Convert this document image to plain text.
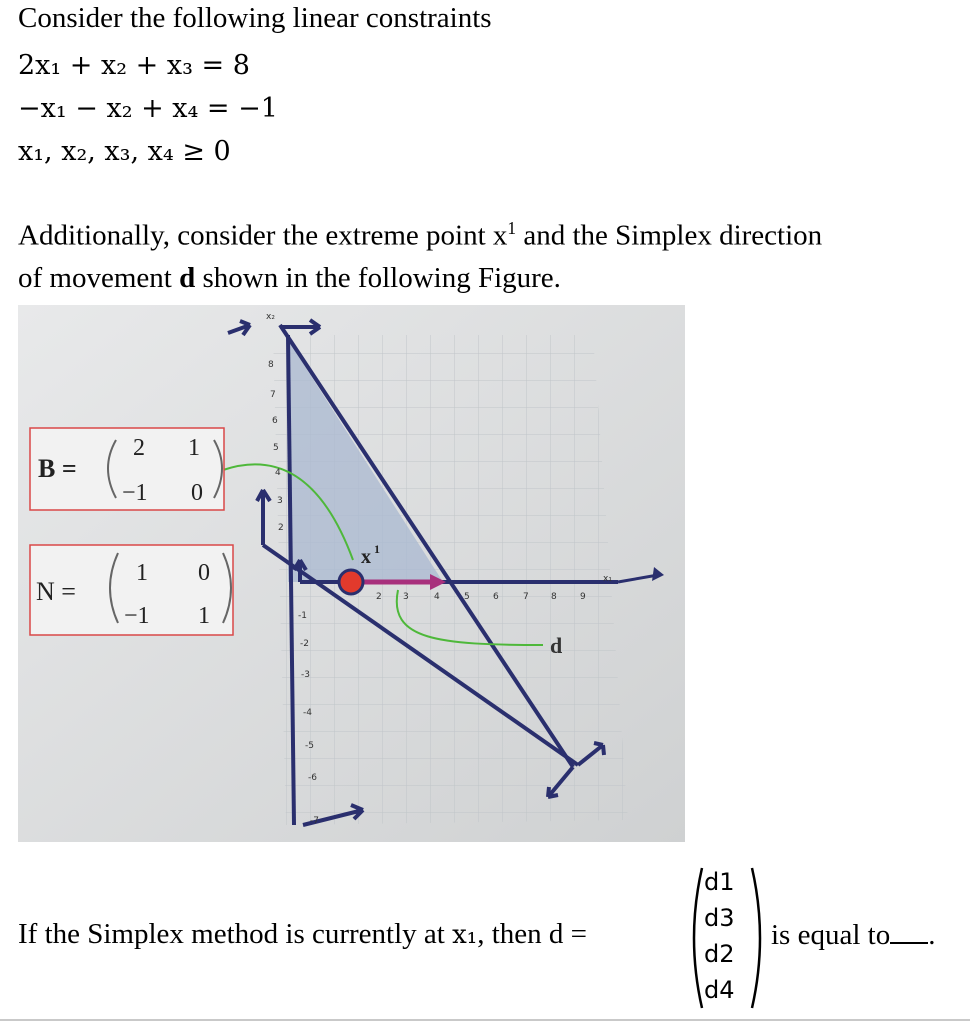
Consider the following linear constraints
2x₁ + x₂ + x₃ = 8
−x₁ − x₂ + x₄ = −1
x₁, x₂, x₃, x₄ ≥ 0
Additionally, consider the extreme point $x^1$ and the Simplex direction
of movement d shown in the following Figure.
8
7
6
5
4
3
2
-1
-2
-3
-4
-5
-6
-7
2 3	4	5	6	7 8	9
x₁
x₂
x 1
d
B =
2 1
−1 0
N =
1 0
−1 1
If the Simplex method is currently at x₁, then d =
d1
d3
d2
d4
is equal to .
